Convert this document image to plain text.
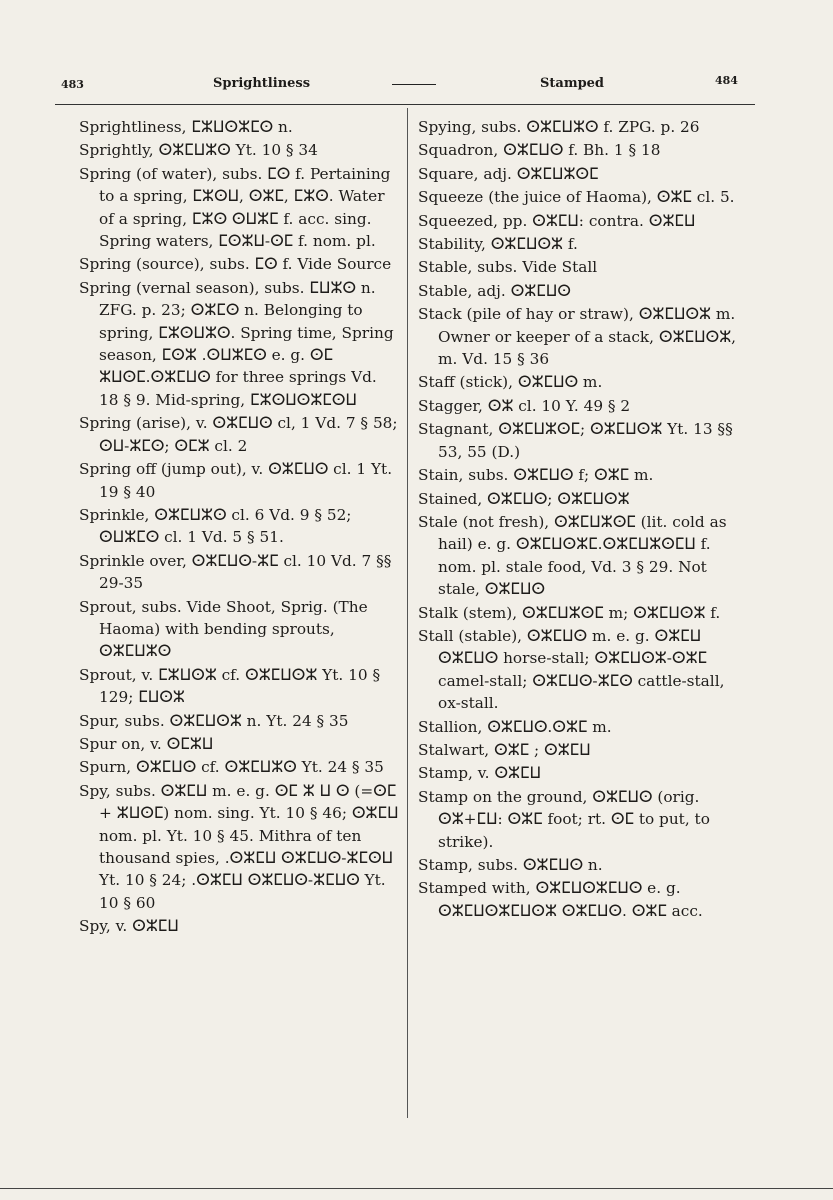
483	Sprightliness	Stamped	484

Sprightliness, ⵎⵣⵡⵙⵣⵎⵙ n.

Sprightly, ⵙⵣⵎⵡⵣⵙ Yt. 10 § 34

Spring (of water), subs. ⵎⵙ f. Pertaining to a spring, ⵎⵣⵙⵡ, ⵙⵣⵎ, ⵎⵣⵙ. Water of a spring, ⵎⵣⵙ ⵙⵡⵣⵎ f. acc. sing. Spring waters, ⵎⵙⵣⵡ-ⵙⵎ f. nom. pl.

Spring (source), subs. ⵎⵙ f. Vide Source

Spring (vernal season), subs. ⵎⵡⵣⵙ n. ZFG. p. 23; ⵙⵣⵎⵙ n. Belonging to spring, ⵎⵣⵙⵡⵣⵙ. Spring time, Spring season, ⵎⵙⵣ .ⵙⵡⵣⵎⵙ e. g. ⵙⵎ ⵣⵡⵙⵎ.ⵙⵣⵎⵡⵙ for three springs Vd. 18 § 9. Mid-spring, ⵎⵣⵙⵡⵙⵣⵎⵙⵡ

Spring (arise), v. ⵙⵣⵎⵡⵙ cl, 1 Vd. 7 § 58; ⵙⵡ-ⵣⵎⵙ; ⵙⵎⵣ cl. 2

Spring off (jump out), v. ⵙⵣⵎⵡⵙ cl. 1 Yt. 19 § 40

Sprinkle, ⵙⵣⵎⵡⵣⵙ cl. 6 Vd. 9 § 52; ⵙⵡⵣⵎⵙ cl. 1 Vd. 5 § 51.

Sprinkle over, ⵙⵣⵎⵡⵙ-ⵣⵎ cl. 10 Vd. 7 §§ 29-35

Sprout, subs. Vide Shoot, Sprig. (The Haoma) with bending sprouts, ⵙⵣⵎⵡⵣⵙ

Sprout, v. ⵎⵣⵡⵙⵣ cf. ⵙⵣⵎⵡⵙⵣ Yt. 10 § 129; ⵎⵡⵙⵣ

Spur, subs. ⵙⵣⵎⵡⵙⵣ n. Yt. 24 § 35

Spur on, v. ⵙⵎⵣⵡ

Spurn, ⵙⵣⵎⵡⵙ cf. ⵙⵣⵎⵡⵣⵙ Yt. 24 § 35

Spy, subs. ⵙⵣⵎⵡ m. e. g. ⵙⵎ ⵣ ⵡ ⵙ (=ⵙⵎ + ⵣⵡⵙⵎ) nom. sing. Yt. 10 § 46; ⵙⵣⵎⵡ nom. pl. Yt. 10 § 45. Mithra of ten thousand spies, .ⵙⵣⵎⵡ ⵙⵣⵎⵡⵙ-ⵣⵎⵙⵡ Yt. 10 § 24; .ⵙⵣⵎⵡ ⵙⵣⵎⵡⵙ-ⵣⵎⵡⵙ Yt. 10 § 60

Spy, v. ⵙⵣⵎⵡ

Spying, subs. ⵙⵣⵎⵡⵣⵙ f. ZPG. p. 26

Squadron, ⵙⵣⵎⵡⵙ f. Bh. 1 § 18

Square, adj. ⵙⵣⵎⵡⵣⵙⵎ

Squeeze (the juice of Haoma), ⵙⵣⵎ cl. 5.

Squeezed, pp. ⵙⵣⵎⵡ: contra. ⵙⵣⵎⵡ

Stability, ⵙⵣⵎⵡⵙⵣ f.

Stable, subs. Vide Stall

Stable, adj. ⵙⵣⵎⵡⵙ

Stack (pile of hay or straw), ⵙⵣⵎⵡⵙⵣ m. Owner or keeper of a stack, ⵙⵣⵎⵡⵙⵣ, m. Vd. 15 § 36

Staff (stick), ⵙⵣⵎⵡⵙ m.

Stagger, ⵙⵣ cl. 10 Y. 49 § 2

Stagnant, ⵙⵣⵎⵡⵣⵙⵎ; ⵙⵣⵎⵡⵙⵣ Yt. 13 §§ 53, 55 (D.)

Stain, subs. ⵙⵣⵎⵡⵙ f; ⵙⵣⵎ m.

Stained, ⵙⵣⵎⵡⵙ; ⵙⵣⵎⵡⵙⵣ

Stale (not fresh), ⵙⵣⵎⵡⵣⵙⵎ (lit. cold as hail) e. g. ⵙⵣⵎⵡⵙⵣⵎ.ⵙⵣⵎⵡⵣⵙⵎⵡ f. nom. pl. stale food, Vd. 3 § 29. Not stale, ⵙⵣⵎⵡⵙ

Stalk (stem), ⵙⵣⵎⵡⵣⵙⵎ m; ⵙⵣⵎⵡⵙⵣ f.

Stall (stable), ⵙⵣⵎⵡⵙ m. e. g. ⵙⵣⵎⵡ ⵙⵣⵎⵡⵙ horse-stall; ⵙⵣⵎⵡⵙⵣ-ⵙⵣⵎ camel-stall; ⵙⵣⵎⵡⵙ-ⵣⵎⵙ cattle-stall, ox-stall.

Stallion, ⵙⵣⵎⵡⵙ.ⵙⵣⵎ m.

Stalwart, ⵙⵣⵎ ; ⵙⵣⵎⵡ

Stamp, v. ⵙⵣⵎⵡ

Stamp on the ground, ⵙⵣⵎⵡⵙ (orig. ⵙⵣ+ⵎⵡ: ⵙⵣⵎ foot; rt. ⵙⵎ to put, to strike).

Stamp, subs. ⵙⵣⵎⵡⵙ n.

Stamped with, ⵙⵣⵎⵡⵙⵣⵎⵡⵙ e. g. ⵙⵣⵎⵡⵙⵣⵎⵡⵙⵣ ⵙⵣⵎⵡⵙ. ⵙⵣⵎ acc.
